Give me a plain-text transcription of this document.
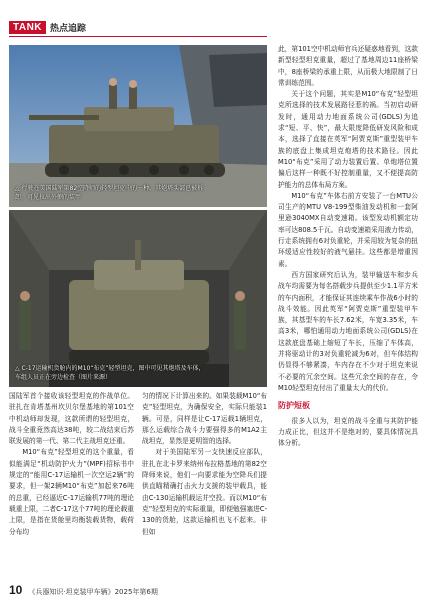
TANK 热点追踪
△ 行驶在美国陆军第82空降师的轻型坦克中的一种，其炮塔头部已被拆卸，可见拉出外侧的装甲
△ C-17运输机货舱内的M10“布克”轻型坦克，图中可见其炮塔及车体，车组人员正在旁边检查（图片来源）

国陆军首个接收该轻型坦克的作战单位。驻扎在肯塔基州坎贝尔堡基地的第101空中机动师却发现，这款所谓的轻型坦克，战斗全重竟然高达38吨，较二战结束后苏联发展的第一代、第二代主战坦克还重。

M10“布克”轻型坦克的这个重量，看似能满足“机动防护火力”(MPF)招标书中规定的“能用C-17运输机一次空运2辆”的要求，但一架2辆M10“布克”加起来76吨的总重，已经逼近C-17运输机77吨的理论载重上限，二者C-17这个77吨的理论载重上限，是指在货舱里均衡装载货物，载荷分布均

匀的情况下计算出来的。如果装载M10“布克”轻型坦克，为确保安全，实际只能装1辆。可是，同样是让C-17运载1辆坦克，那么运载综合战斗力要强得多的M1A2主战坦克，显然是更明智的选择。

对于美国陆军另一支快速反应部队，驻扎在北卡罗来纳州布拉格基地的第82空降师来说，他们一向要求能为空降兵们提供直瞄精确打击火力支援的装甲载具，能由C-130运输机载运并空投。而以M10“布克”轻型坦克的实际重量，即便勉强塞进C-130的货舱，这款运输机也飞不起来。非但如

此，第101空中机动师官兵还疑惑地看到，这款新型轻型坦克重量，超过了基地周边11座桥梁中，8座桥梁的承重上限，从而极大地限制了日常训练范围。

关于这个问题，其实是M10“布克”轻型坦克所选择的技术发展路径惹的祸。当初启动研发时，通用动力地面系统公司(GDLS)为追求“短、平、快”，最大限度降低研发风险和成本，选择了直接在英军“阿贾克斯”重型装甲车族的底盘上集成坦克炮塔的技术路径。因此M10“布克”采用了动力装置后置、单炮塔位置偏后这样一种既不好控制重量，又不便提高防护能力的总体布局方案。

M10“布克”车体右前方安装了一台MTU公司生产的MTU V8-199型柴油发动机和一套阿里逊3040MX自动变速箱。该型发动机额定功率可达808.5千瓦。自动变速箱采用液力传动，行走系统拥有6对负重轮，并采用较为复杂的扭环缓适应性较好的液气悬挂。这些都是增重因素。

西方国家研究后认为，装甲输送车和步兵战车均需要为每名搭载步兵提供至少1.1平方米的车内面积，才能保证其连续乘车作战6小时的战斗效能。因此英军“阿贾克斯”重型装甲车族，其基型车的车长7.62米，车宽3.35米，车高3米，哪怕通用动力地面系统公司(GDLS)在这款底盘基础上缩短了车长，压缩了车体高，并将驱动计的3对负重轮减为6对，但车体结构仍显得不够紧凑，车内存在不少对于坦克来说不必要的冗余空间。这些冗余空间的存在，令M10轻型坦克付出了重量太大的代价。

防护短板

很多人以为，坦克的战斗全重与其防护能力成正比，但这并不是绝对的，要具体情况具体分析。

10 《兵器知识·坦克装甲车辆》2025年第6期
